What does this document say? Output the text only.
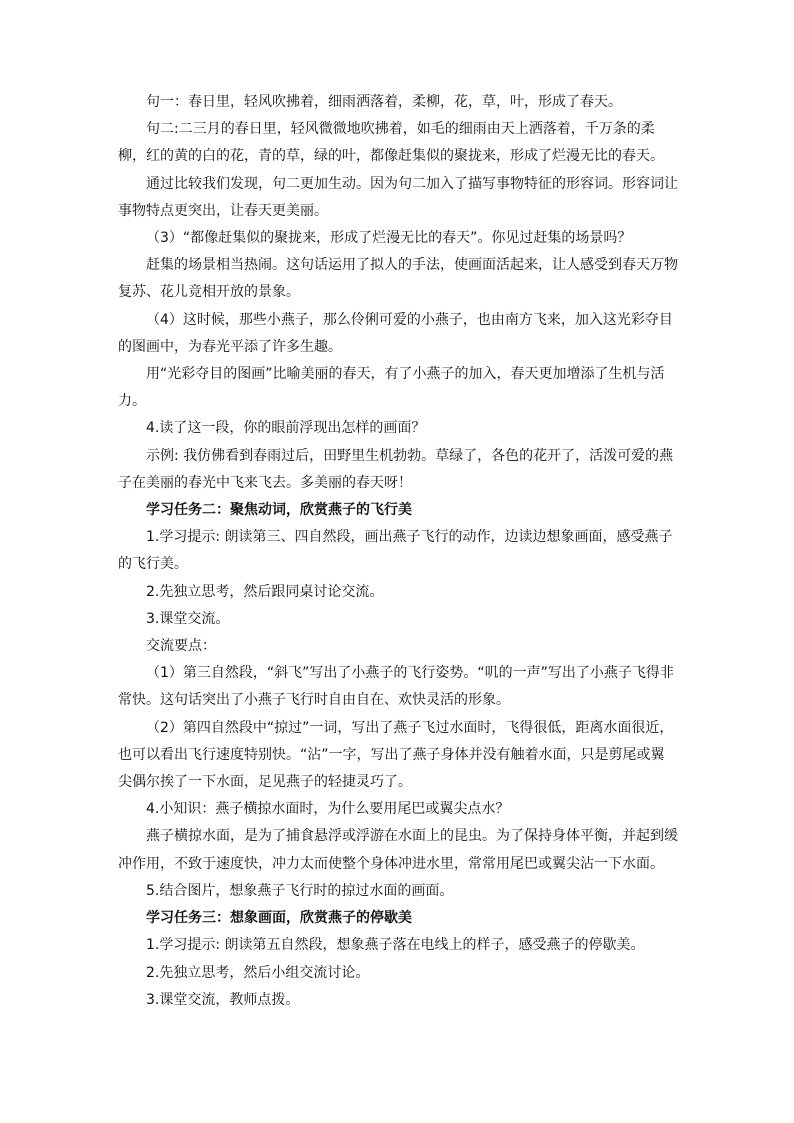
句一：春日里，轻风吹拂着，细雨洒落着，柔柳，花，草，叶，形成了春天。

句二:二三月的春日里，轻风微微地吹拂着，如毛的细雨由天上洒落着，千万条的柔柳，红的黄的白的花，青的草，绿的叶，都像赶集似的聚拢来，形成了烂漫无比的春天。

通过比较我们发现，句二更加生动。因为句二加入了描写事物特征的形容词。形容词让事物特点更突出，让春天更美丽。

（3）“都像赶集似的聚拢来，形成了烂漫无比的春天”。你见过赶集的场景吗？

赶集的场景相当热闹。这句话运用了拟人的手法，使画面活起来，让人感受到春天万物复苏、花儿竞相开放的景象。

（4）这时候，那些小燕子，那么伶俐可爱的小燕子，也由南方飞来，加入这光彩夺目的图画中，为春光平添了许多生趣。

用“光彩夺目的图画”比喻美丽的春天，有了小燕子的加入，春天更加增添了生机与活力。

4.读了这一段，你的眼前浮现出怎样的画面？

示例: 我仿佛看到春雨过后，田野里生机勃勃。草绿了，各色的花开了，活泼可爱的燕子在美丽的春光中飞来飞去。多美丽的春天呀！

学习任务二：聚焦动词，欣赏燕子的飞行美

1.学习提示: 朗读第三、四自然段，画出燕子飞行的动作，边读边想象画面，感受燕子的飞行美。

2.先独立思考，然后跟同桌讨论交流。

3.课堂交流。

交流要点：

（1）第三自然段，“斜飞”写出了小燕子的飞行姿势。“叽的一声”写出了小燕子飞得非常快。这句话突出了小燕子飞行时自由自在、欢快灵活的形象。

（2）第四自然段中“掠过”一词，写出了燕子飞过水面时，飞得很低，距离水面很近，也可以看出飞行速度特别快。“沾”一字，写出了燕子身体并没有触着水面，只是剪尾或翼尖偶尔挨了一下水面，足见燕子的轻捷灵巧了。

4.小知识：燕子横掠水面时，为什么要用尾巴或翼尖点水？

燕子横掠水面，是为了捕食悬浮或浮游在水面上的昆虫。为了保持身体平衡，并起到缓冲作用，不致于速度快，冲力太而使整个身体冲进水里，常常用尾巴或翼尖沾一下水面。

5.结合图片，想象燕子飞行时的掠过水面的画面。

学习任务三：想象画面，欣赏燕子的停歇美

1.学习提示: 朗读第五自然段，想象燕子落在电线上的样子，感受燕子的停歇美。

2.先独立思考，然后小组交流讨论。

3.课堂交流，教师点拨。
